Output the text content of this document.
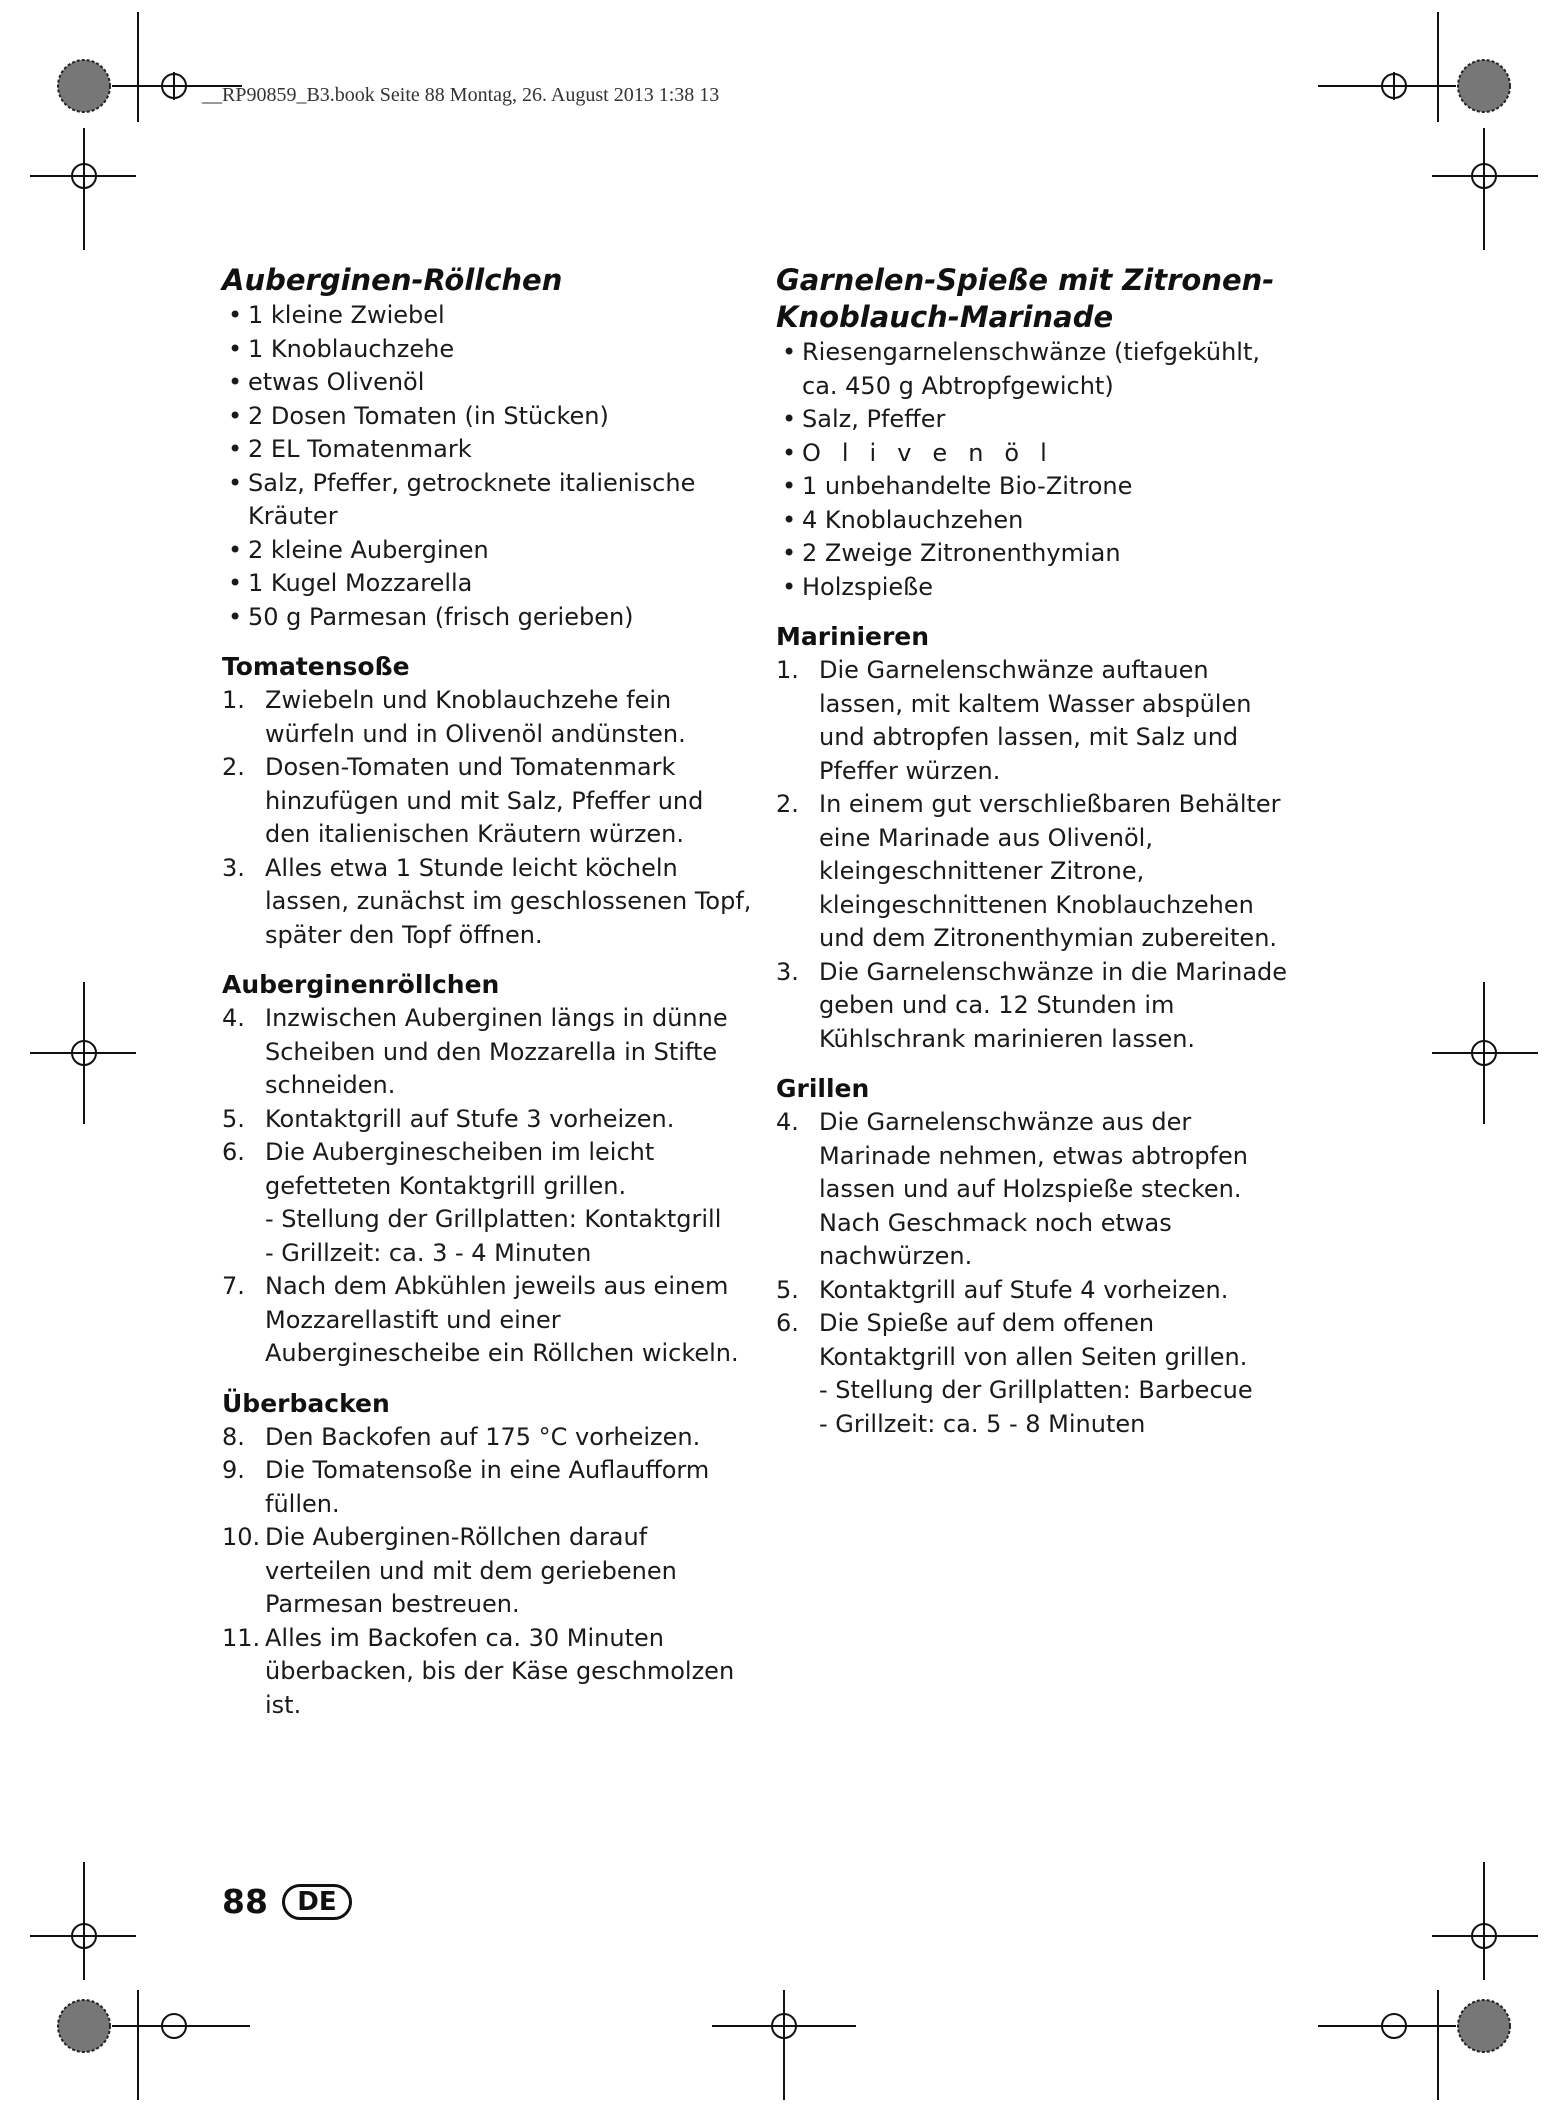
__RP90859_B3.book Seite 88 Montag, 26. August 2013 1:38 13
Auberginen-Röllchen
• 1 kleine Zwiebel
• 1 Knoblauchzehe
• etwas Olivenöl
• 2 Dosen Tomaten (in Stücken)
• 2 EL Tomatenmark
• Salz, Pfeffer, getrocknete italienische Kräuter
• 2 kleine Auberginen
• 1 Kugel Mozzarella
• 50 g Parmesan (frisch gerieben)
Tomatensoße
1. Zwiebeln und Knoblauchzehe fein würfeln und in Olivenöl andünsten.
2. Dosen-Tomaten und Tomatenmark hinzufügen und mit Salz, Pfeffer und den italienischen Kräutern würzen.
3. Alles etwa 1 Stunde leicht köcheln lassen, zunächst im geschlossenen Topf, später den Topf öffnen.
Auberginenröllchen
4. Inzwischen Auberginen längs in dünne Scheiben und den Mozzarella in Stifte schneiden.
5. Kontaktgrill auf Stufe 3 vorheizen.
6. Die Auberginescheiben im leicht gefetteten Kontaktgrill grillen.
- Stellung der Grillplatten: Kontaktgrill
- Grillzeit: ca. 3 - 4 Minuten
7. Nach dem Abkühlen jeweils aus einem Mozzarellastift und einer Auberginescheibe ein Röllchen wickeln.
Überbacken
8. Den Backofen auf 175 °C vorheizen.
9. Die Tomatensoße in eine Auflaufform füllen.
10. Die Auberginen-Röllchen darauf verteilen und mit dem geriebenen Parmesan bestreuen.
11. Alles im Backofen ca. 30 Minuten überbacken, bis der Käse geschmolzen ist.
Garnelen-Spieße mit Zitronen-Knoblauch-Marinade
• Riesengarnelenschwänze (tiefgekühlt, ca. 450 g Abtropfgewicht)
• Salz, Pfeffer
• Olivenöl
• 1 unbehandelte Bio-Zitrone
• 4 Knoblauchzehen
• 2 Zweige Zitronenthymian
• Holzspieße
Marinieren
1. Die Garnelenschwänze auftauen lassen, mit kaltem Wasser abspülen und abtropfen lassen, mit Salz und Pfeffer würzen.
2. In einem gut verschließbaren Behälter eine Marinade aus Olivenöl, kleingeschnittener Zitrone, kleingeschnittenen Knoblauchzehen und dem Zitronenthymian zubereiten.
3. Die Garnelenschwänze in die Marinade geben und ca. 12 Stunden im Kühlschrank marinieren lassen.
Grillen
4. Die Garnelenschwänze aus der Marinade nehmen, etwas abtropfen lassen und auf Holzspieße stecken. Nach Geschmack noch etwas nachwürzen.
5. Kontaktgrill auf Stufe 4 vorheizen.
6. Die Spieße auf dem offenen Kontaktgrill von allen Seiten grillen.
- Stellung der Grillplatten: Barbecue
- Grillzeit: ca. 5 - 8 Minuten
88	DE
